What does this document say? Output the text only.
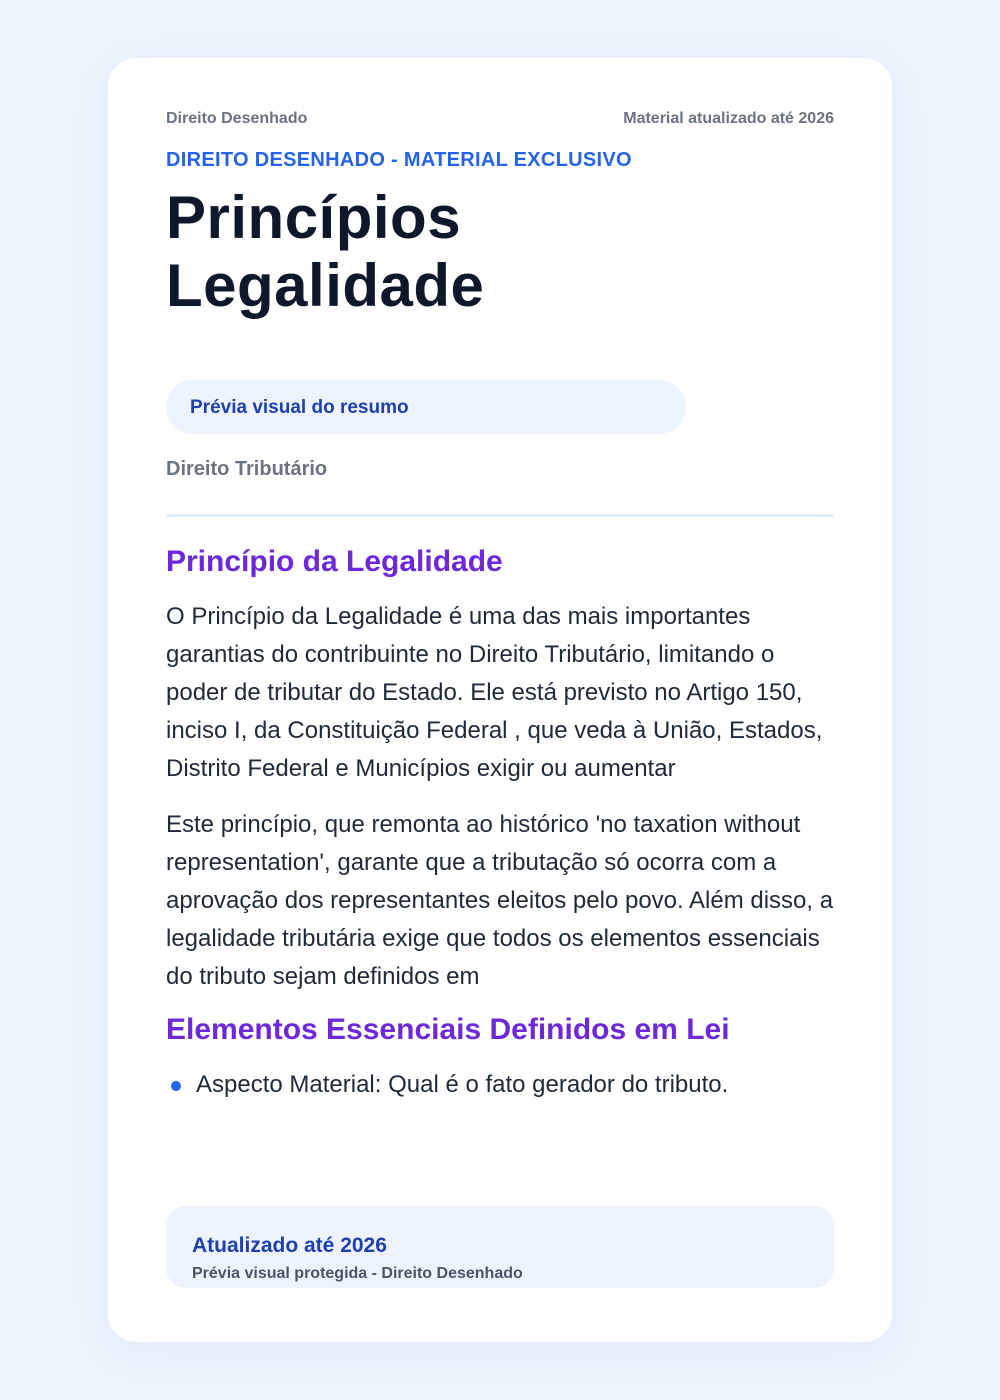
Direito Desenhado	Material atualizado até 2026
DIREITO DESENHADO - MATERIAL EXCLUSIVO
Princípios
Legalidade
Prévia visual do resumo
Direito Tributário
Princípio da Legalidade

O Princípio da Legalidade é uma das mais importantes garantias do contribuinte no Direito Tributário, limitando o poder de tributar do Estado. Ele está previsto no Artigo 150, inciso I, da Constituição Federal , que veda à União, Estados, Distrito Federal e Municípios exigir ou aumentar

Este princípio, que remonta ao histórico 'no taxation without representation', garante que a tributação só ocorra com a aprovação dos representantes eleitos pelo povo. Além disso, a legalidade tributária exige que todos os elementos essenciais do tributo sejam definidos em

Elementos Essenciais Definidos em Lei
Aspecto Material: Qual é o fato gerador do tributo.
Atualizado até 2026
Prévia visual protegida - Direito Desenhado
